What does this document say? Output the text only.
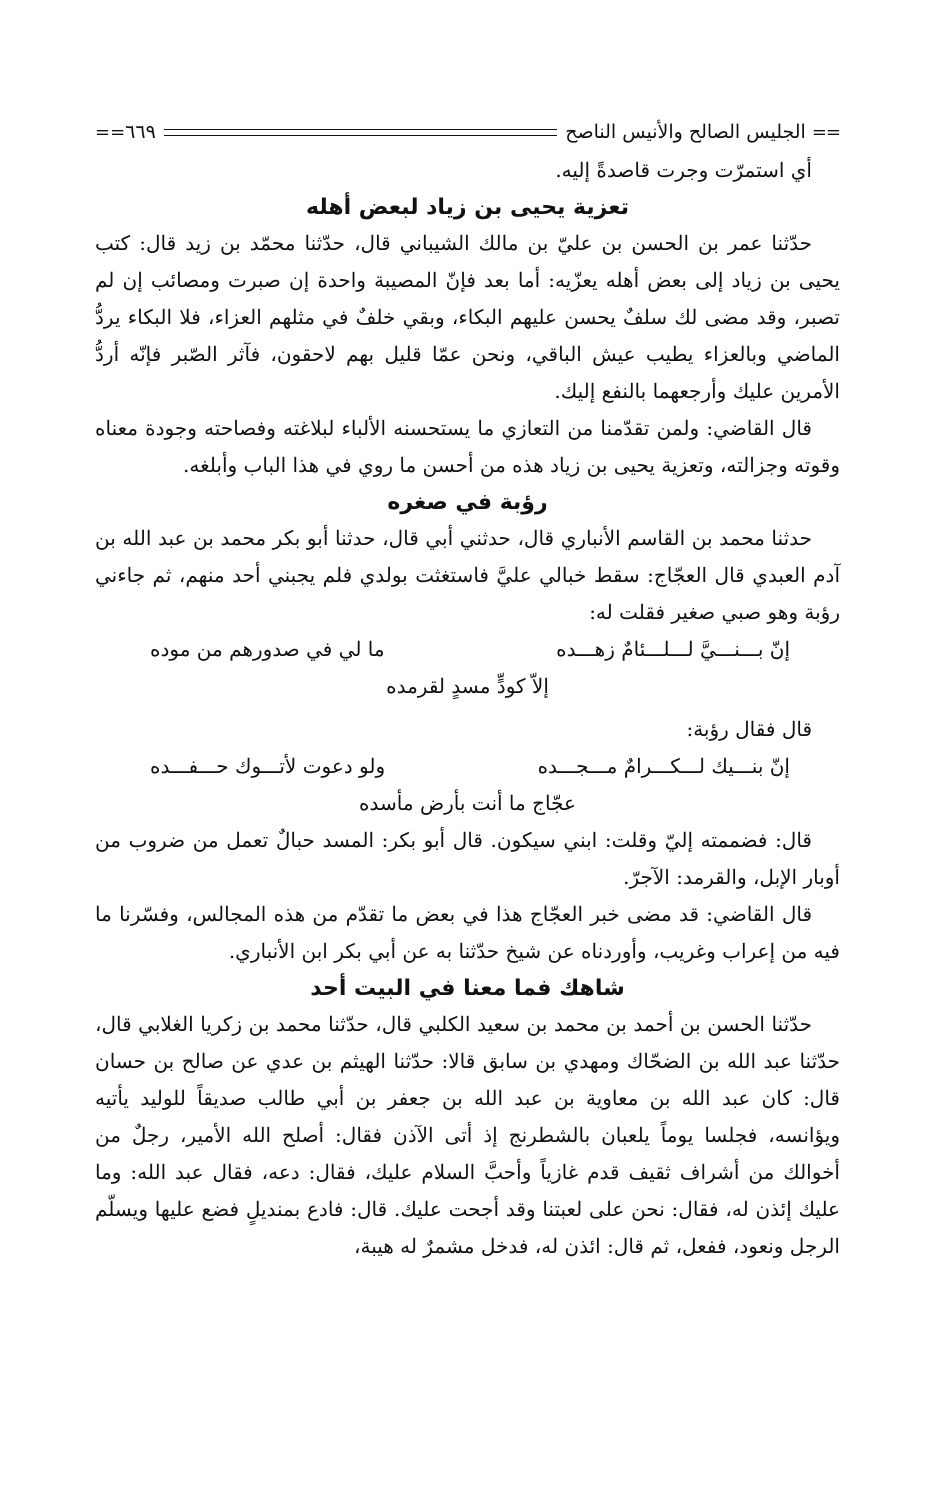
==
الجليس الصالح والأنيس الناصح
٦٦٩
==

أي استمرّت وجرت قاصدةً إليه.

تعزية يحيى بن زياد لبعض أهله

حدّثنا عمر بن الحسن بن عليّ بن مالك الشيباني قال، حدّثنا محمّد بن زيد قال: كتب يحيى بن زياد إلى بعض أهله يعزّيه: أما بعد فإنّ المصيبة واحدة إن صبرت ومصائب إن لم تصبر، وقد مضى لك سلفٌ يحسن عليهم البكاء، وبقي خلفٌ في مثلهم العزاء، فلا البكاء يردُّ الماضي وبالعزاء يطيب عيش الباقي، ونحن عمّا قليل بهم لاحقون، فآثر الصّبر فإنّه أردُّ الأمرين عليك وأرجعهما بالنفع إليك.

قال القاضي: ولمن تقدّمنا من التعازي ما يستحسنه الألباء لبلاغته وفصاحته وجودة معناه وقوته وجزالته، وتعزية يحيى بن زياد هذه من أحسن ما روي في هذا الباب وأبلغه.

رؤبة في صغره

حدثنا محمد بن القاسم الأنباري قال، حدثني أبي قال، حدثنا أبو بكر محمد بن عبد الله بن آدم العبدي قال العجّاج: سقط خبالي عليَّ فاستغثت بولدي فلم يجبني أحد منهم، ثم جاءني رؤبة وهو صبي صغير فقلت له:

إنّ بـــنـــيَّ لـــلـــئامٌ زهـــده
ما لي في صدورهم من موده
إلاّ كودٍّ مسدٍ لقرمده

قال فقال رؤبة:

إنّ بنـــيك لـــكـــرامٌ مـــجـــده
ولو دعوت لأتـــوك حـــفـــده
عجّاج ما أنت بأرض مأسده

قال: فضممته إليّ وقلت: ابني سيكون. قال أبو بكر: المسد حبالٌ تعمل من ضروب من أوبار الإبل، والقرمد: الآجرّ.

قال القاضي: قد مضى خبر العجّاج هذا في بعض ما تقدّم من هذه المجالس، وفسّرنا ما فيه من إعراب وغريب، وأوردناه عن شيخ حدّثنا به عن أبي بكر ابن الأنباري.

شاهك فما معنا في البيت أحد

حدّثنا الحسن بن أحمد بن محمد بن سعيد الكلبي قال، حدّثنا محمد بن زكريا الغلابي قال، حدّثنا عبد الله بن الضحّاك ومهدي بن سابق قالا: حدّثنا الهيثم بن عدي عن صالح بن حسان قال: كان عبد الله بن معاوية بن عبد الله بن جعفر بن أبي طالب صديقاً للوليد يأتيه ويؤانسه، فجلسا يوماً يلعبان بالشطرنج إذ أتى الآذن فقال: أصلح الله الأمير، رجلٌ من أخوالك من أشراف ثقيف قدم غازياً وأحبَّ السلام عليك، فقال: دعه، فقال عبد الله: وما عليك إئذن له، فقال: نحن على لعبتنا وقد أجحت عليك. قال: فادع بمنديلٍ فضع عليها ويسلّم الرجل ونعود، ففعل، ثم قال: ائذن له، فدخل مشمرٌ له هيبة،
